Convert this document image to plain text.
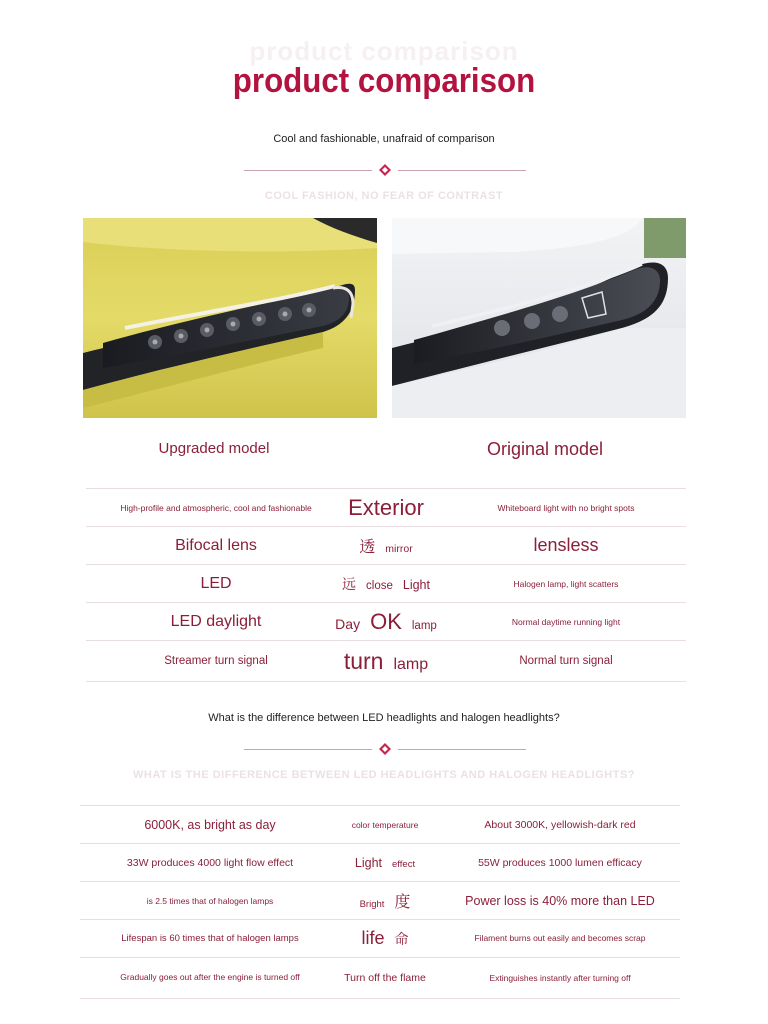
product comparison
product comparison
Cool and fashionable, unafraid of comparison
COOL FASHION, NO FEAR OF CONTRAST
Upgraded model	Original model
High-profile and atmospheric, cool and fashionable	Exterior	Whiteboard light with no bright spots
Bifocal lens	透 mirror	lensless
LED	远 close Light	Halogen lamp, light scatters
LED daylight	Day OK lamp	Normal daytime running light
Streamer turn signal	turn lamp	Normal turn signal
What is the difference between LED headlights and halogen headlights?
WHAT IS THE DIFFERENCE BETWEEN LED HEADLIGHTS AND HALOGEN HEADLIGHTS?
6000K, as bright as day	color temperature	About 3000K, yellowish-dark red
33W produces 4000 light flow effect	Light effect	55W produces 1000 lumen efficacy
is 2.5 times that of halogen lamps	Bright 度	Power loss is 40% more than LED
Lifespan is 60 times that of halogen lamps	life 命	Filament burns out easily and becomes scrap
Gradually goes out after the engine is turned off	Turn off the flame	Extinguishes instantly after turning off
